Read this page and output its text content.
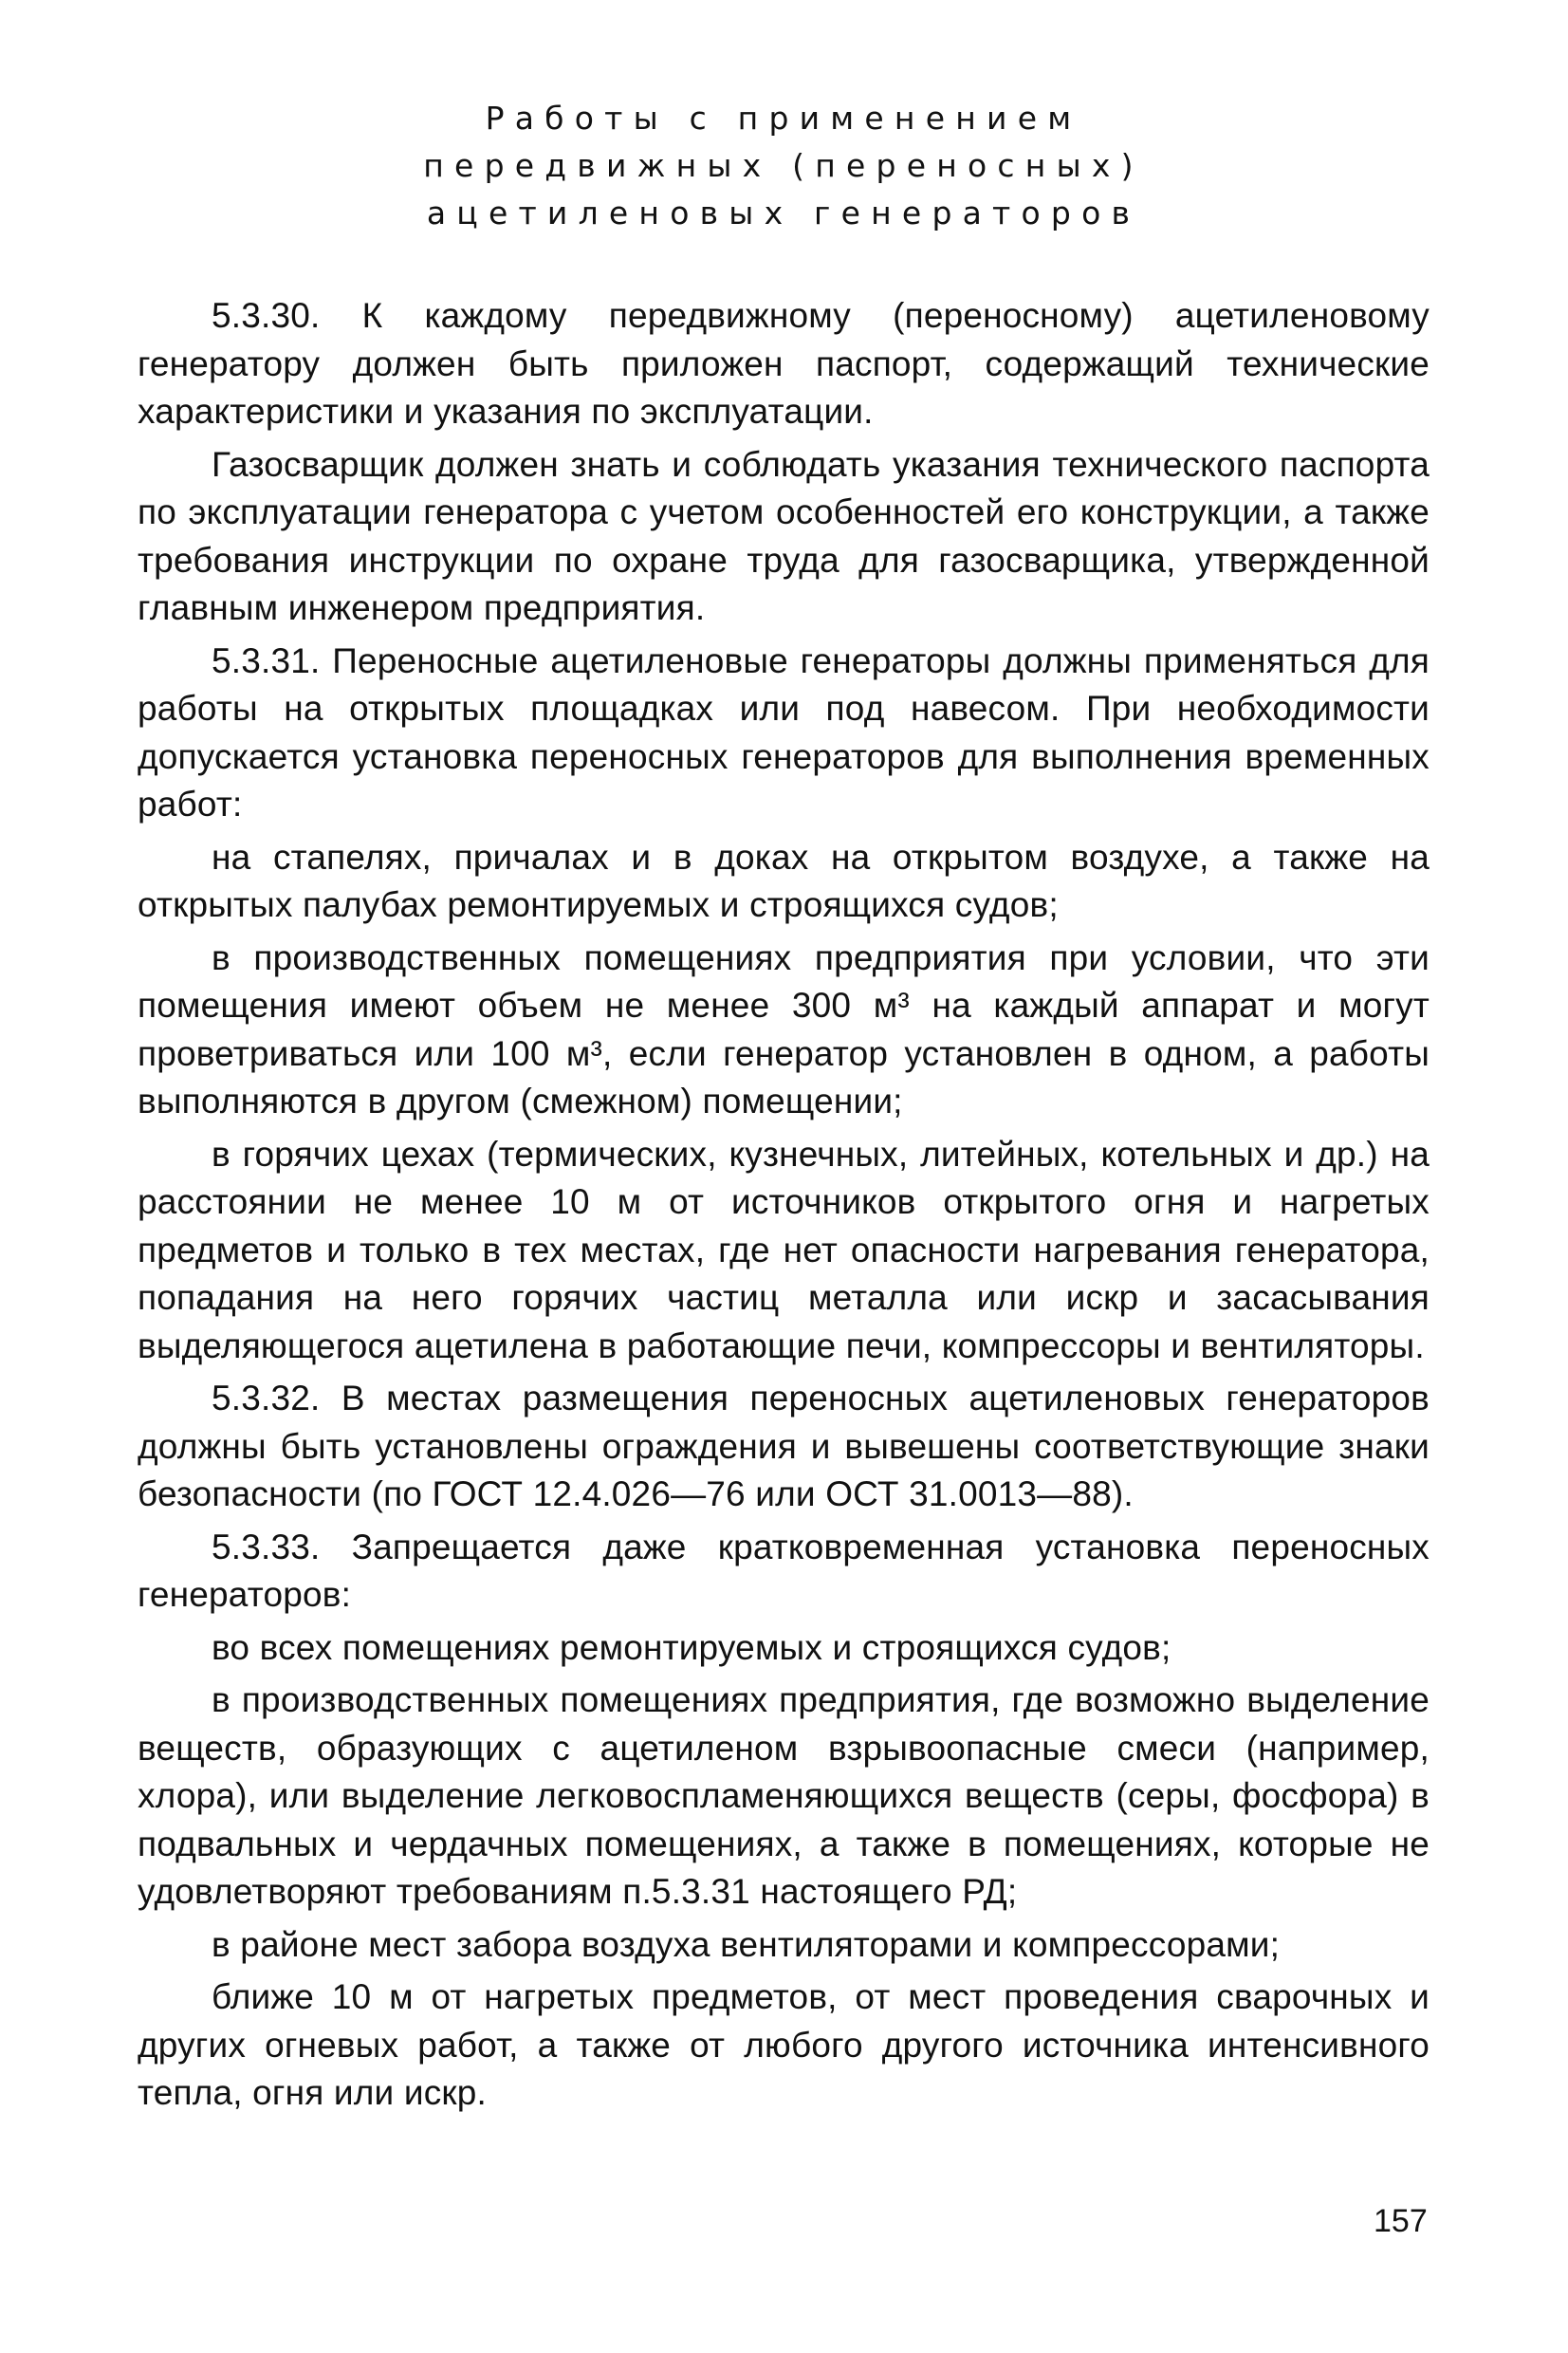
Работы с применением
передвижных (переносных)
ацетиленовых генераторов

5.3.30. К каждому передвижному (переносному) ацетиленовому генератору должен быть приложен паспорт, содержащий технические характеристики и указания по эксплуатации.

Газосварщик должен знать и соблюдать указания технического паспорта по эксплуатации генератора с учетом особенностей его конструкции, а также требования инструкции по охране труда для газосварщика, утвержденной главным инженером предприятия.

5.3.31. Переносные ацетиленовые генераторы должны применяться для работы на открытых площадках или под навесом. При необходимости допускается установка переносных генераторов для выполнения временных работ:

на стапелях, причалах и в доках на открытом воздухе, а также на открытых палубах ремонтируемых и строящихся судов;

в производственных помещениях предприятия при условии, что эти помещения имеют объем не менее 300 м³ на каждый аппарат и могут проветриваться или 100 м³, если генератор установлен в одном, а работы выполняются в другом (смежном) помещении;

в горячих цехах (термических, кузнечных, литейных, котельных и др.) на расстоянии не менее 10 м от источников открытого огня и нагретых предметов и только в тех местах, где нет опасности нагревания генератора, попадания на него горячих частиц металла или искр и засасывания выделяющегося ацетилена в работающие печи, компрессоры и вентиляторы.

5.3.32. В местах размещения переносных ацетиленовых генераторов должны быть установлены ограждения и вывешены соответствующие знаки безопасности (по ГОСТ 12.4.026—76 или ОСТ 31.0013—88).

5.3.33. Запрещается даже кратковременная установка переносных генераторов:

во всех помещениях ремонтируемых и строящихся судов;

в производственных помещениях предприятия, где возможно выделение веществ, образующих с ацетиленом взрывоопасные смеси (например, хлора), или выделение легковоспламеняющихся веществ (серы, фосфора) в подвальных и чердачных помещениях, а также в помещениях, которые не удовлетворяют требованиям п.5.3.31 настоящего РД;

в районе мест забора воздуха вентиляторами и компрессорами;

ближе 10 м от нагретых предметов, от мест проведения сварочных и других огневых работ, а также от любого другого источника интенсивного тепла, огня или искр.

157
